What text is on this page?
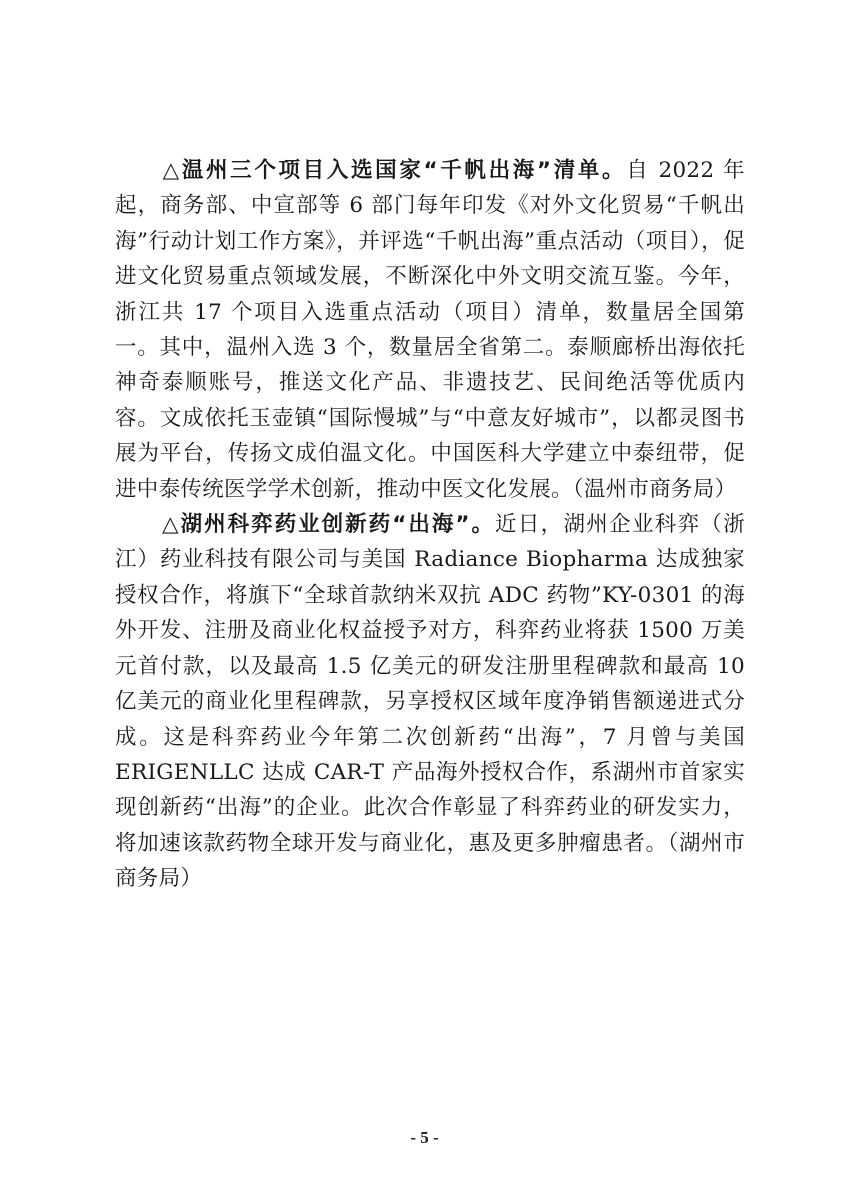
△温州三个项目入选国家“千帆出海”清单。自 2022 年起，商务部、中宣部等 6 部门每年印发《对外文化贸易“千帆出海”行动计划工作方案》，并评选“千帆出海”重点活动（项目），促进文化贸易重点领域发展，不断深化中外文明交流互鉴。今年，浙江共 17 个项目入选重点活动（项目）清单，数量居全国第一。其中，温州入选 3 个，数量居全省第二。泰顺廊桥出海依托神奇泰顺账号，推送文化产品、非遗技艺、民间绝活等优质内容。文成依托玉壶镇“国际慢城”与“中意友好城市”，以都灵图书展为平台，传扬文成伯温文化。中国医科大学建立中泰纽带，促进中泰传统医学学术创新，推动中医文化发展。（温州市商务局）

△湖州科弈药业创新药“出海”。近日，湖州企业科弈（浙江）药业科技有限公司与美国 Radiance Biopharma 达成独家授权合作，将旗下“全球首款纳米双抗 ADC 药物”KY-0301 的海外开发、注册及商业化权益授予对方，科弈药业将获 1500 万美元首付款，以及最高 1.5 亿美元的研发注册里程碑款和最高 10 亿美元的商业化里程碑款，另享授权区域年度净销售额递进式分成。这是科弈药业今年第二次创新药“出海”，7 月曾与美国 ERIGENLLC 达成 CAR-T 产品海外授权合作，系湖州市首家实现创新药“出海”的企业。此次合作彰显了科弈药业的研发实力，将加速该款药物全球开发与商业化，惠及更多肿瘤患者。（湖州市商务局）

- 5 -
